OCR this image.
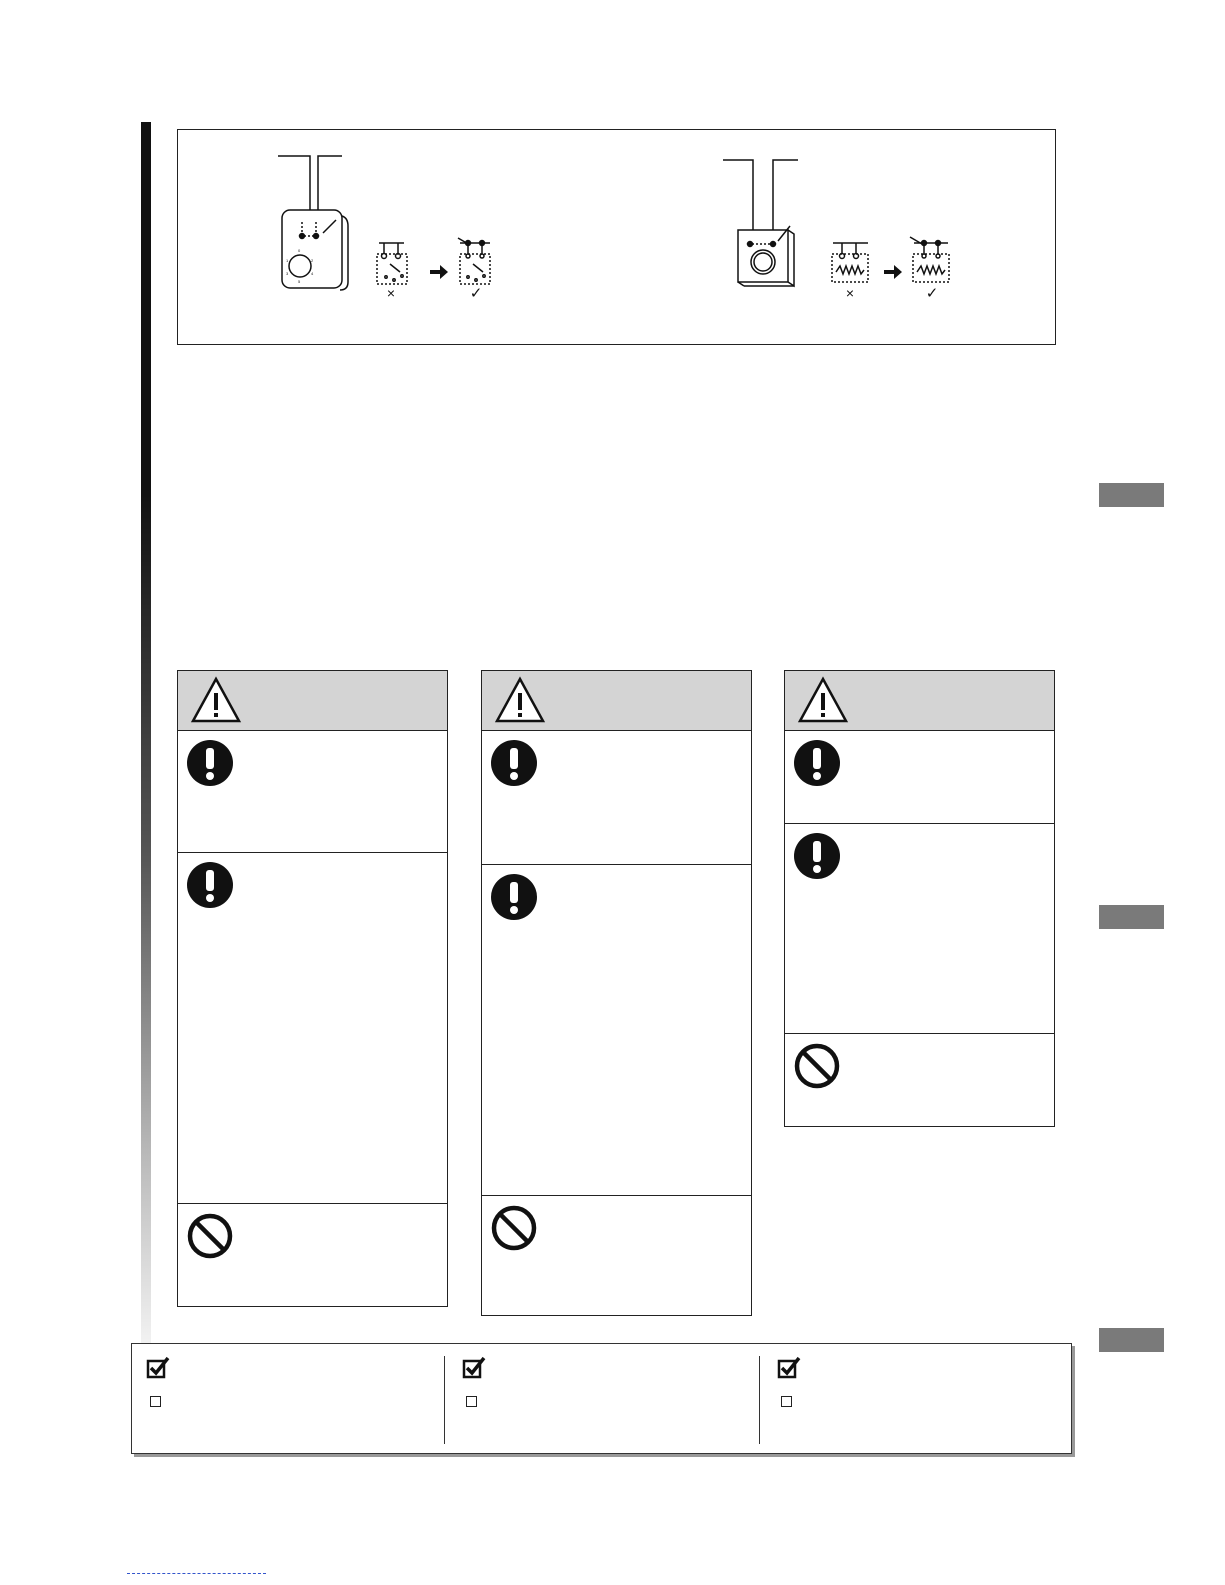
0
1	2
3	4
5
×	✓	×	✓
